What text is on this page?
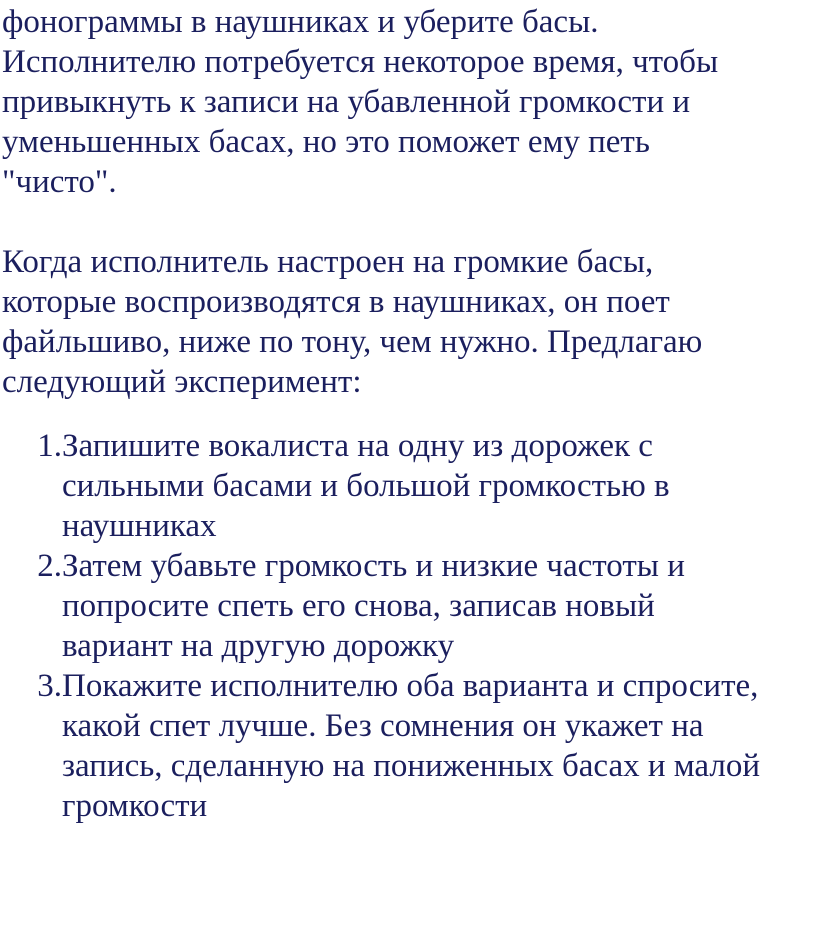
фонограммы в наушниках и уберите басы.
Исполнителю потребуется некоторое время, чтобы
привыкнуть к записи на убавленной громкости и
уменьшенных басах, но это поможет ему петь
"чисто".

Когда исполнитель настроен на громкие басы,
которые воспроизводятся в наушниках, он поет
файльшиво, ниже по тону, чем нужно. Предлагаю
следующий эксперимент:

1. Запишите вокалиста на одну из дорожек с
сильными басами и большой громкостью в
наушниках
2. Затем убавьте громкость и низкие частоты и
попросите спеть его снова, записав новый
вариант на другую дорожку
3. Покажите исполнителю оба варианта и спросите,
какой спет лучше. Без сомнения он укажет на
запись, сделанную на пониженных басах и малой
громкости
